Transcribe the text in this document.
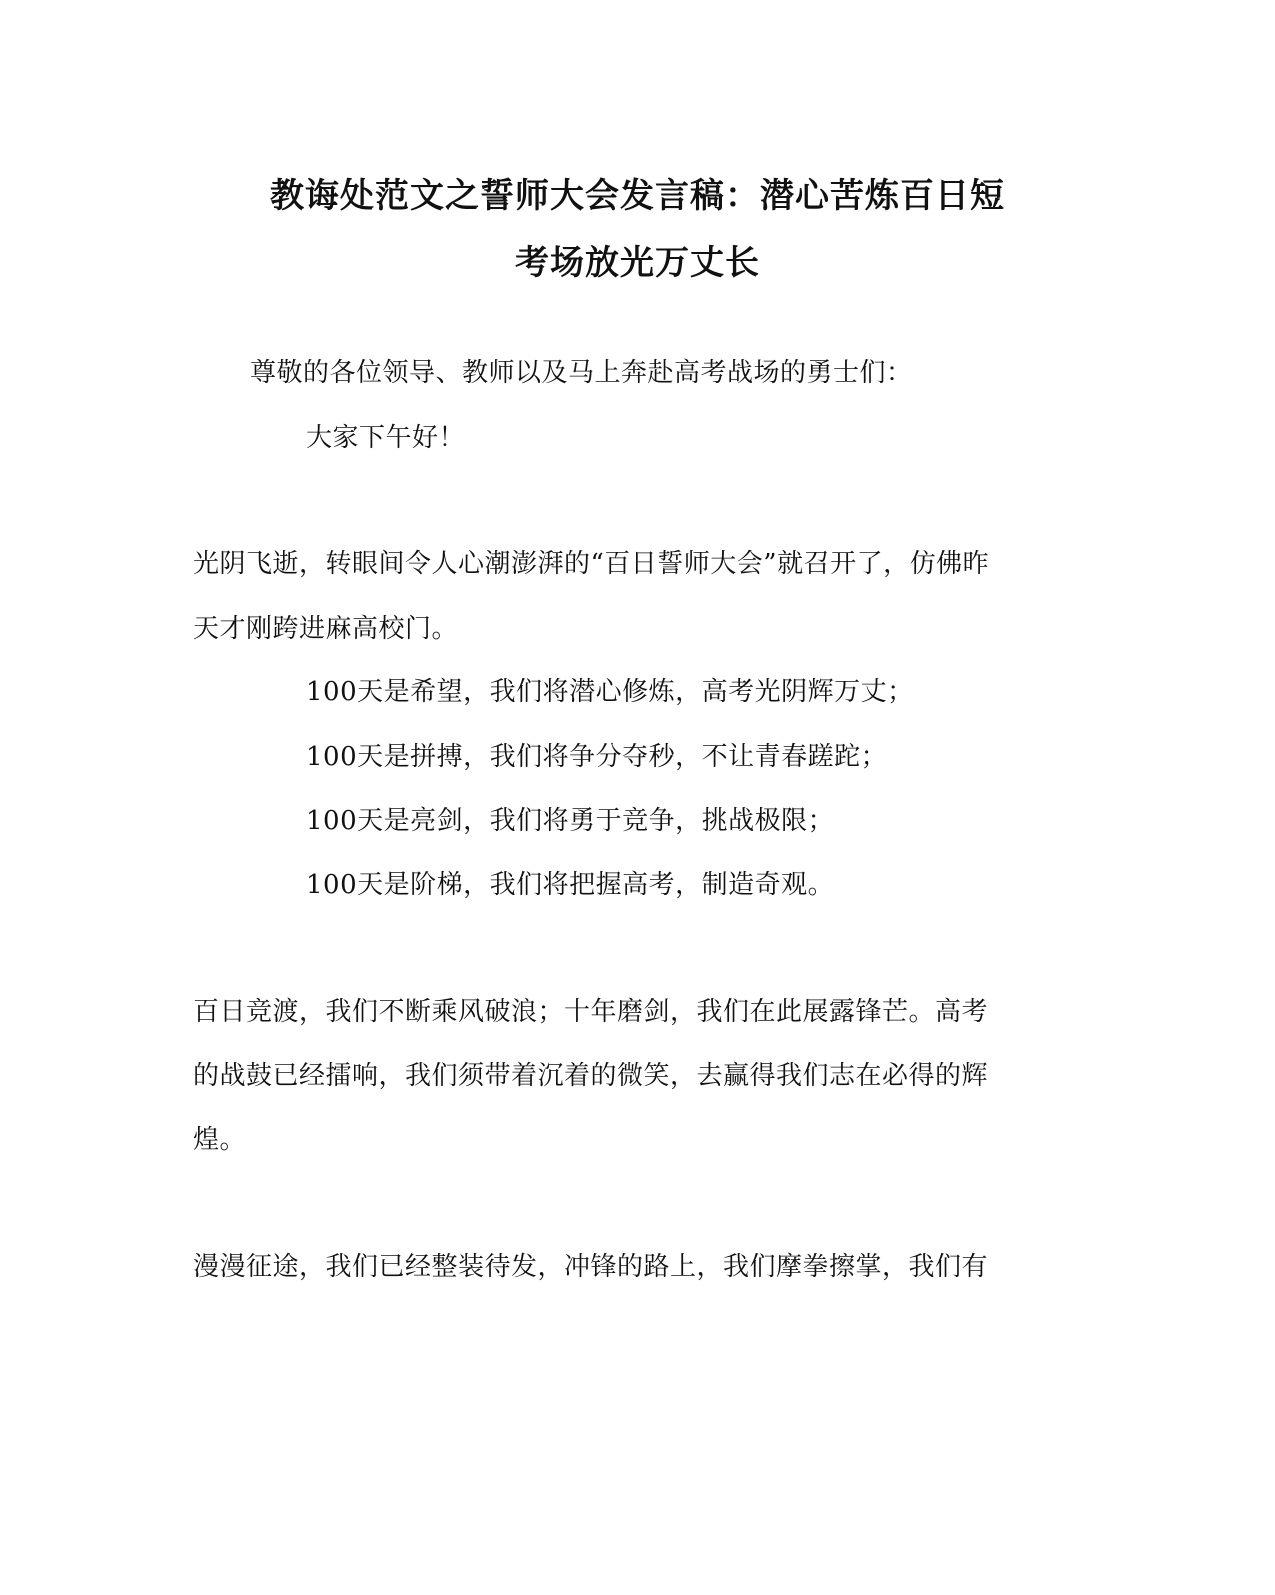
教诲处范文之誓师大会发言稿：潜心苦炼百日短
考场放光万丈长
尊敬的各位领导、教师以及马上奔赴高考战场的勇士们：
大家下午好！
光阴飞逝，转眼间令人心潮澎湃的“百日誓师大会”就召开了，仿佛昨
天才刚跨进麻高校门。
100天是希望，我们将潜心修炼，高考光阴辉万丈；
100天是拼搏，我们将争分夺秒，不让青春蹉跎；
100天是亮剑，我们将勇于竞争，挑战极限；
100天是阶梯，我们将把握高考，制造奇观。
百日竞渡，我们不断乘风破浪；十年磨剑，我们在此展露锋芒。高考
的战鼓已经擂响，我们须带着沉着的微笑，去赢得我们志在必得的辉
煌。
漫漫征途，我们已经整装待发，冲锋的路上，我们摩拳擦掌，我们有
